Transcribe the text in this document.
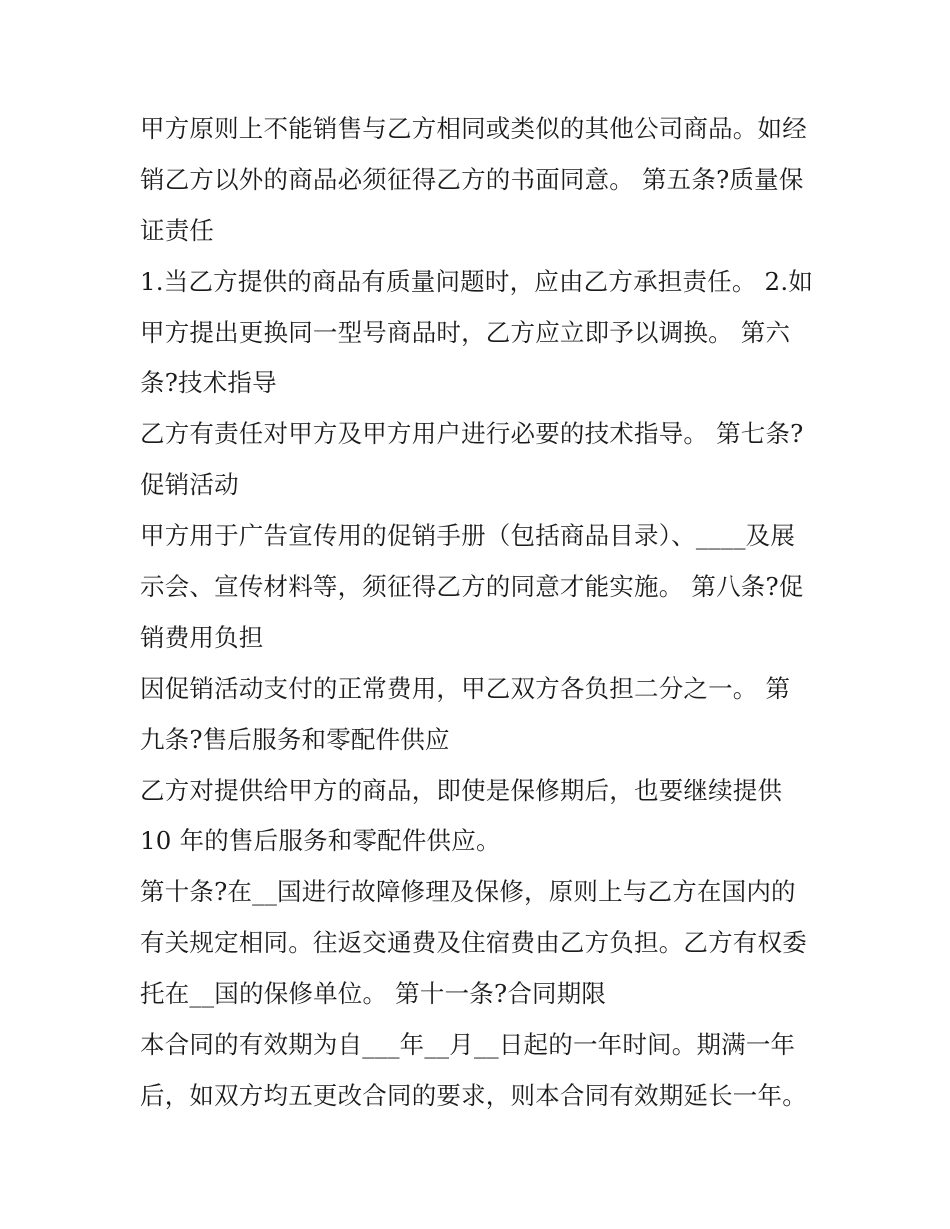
甲方原则上不能销售与乙方相同或类似的其他公司商品。如经
销乙方以外的商品必须征得乙方的书面同意。 第五条?质量保
证责任
1.当乙方提供的商品有质量问题时，应由乙方承担责任。 2.如
甲方提出更换同一型号商品时，乙方应立即予以调换。 第六
条?技术指导
乙方有责任对甲方及甲方用户进行必要的技术指导。 第七条?
促销活动
甲方用于广告宣传用的促销手册（包括商品目录）、____及展
示会、宣传材料等，须征得乙方的同意才能实施。 第八条?促
销费用负担
因促销活动支付的正常费用，甲乙双方各负担二分之一。 第
九条?售后服务和零配件供应
乙方对提供给甲方的商品，即使是保修期后，也要继续提供
10 年的售后服务和零配件供应。
第十条?在__国进行故障修理及保修，原则上与乙方在国内的
有关规定相同。往返交通费及住宿费由乙方负担。乙方有权委
托在__国的保修单位。 第十一条?合同期限
本合同的有效期为自___年__月__日起的一年时间。期满一年
后，如双方均五更改合同的要求，则本合同有效期延长一年。
